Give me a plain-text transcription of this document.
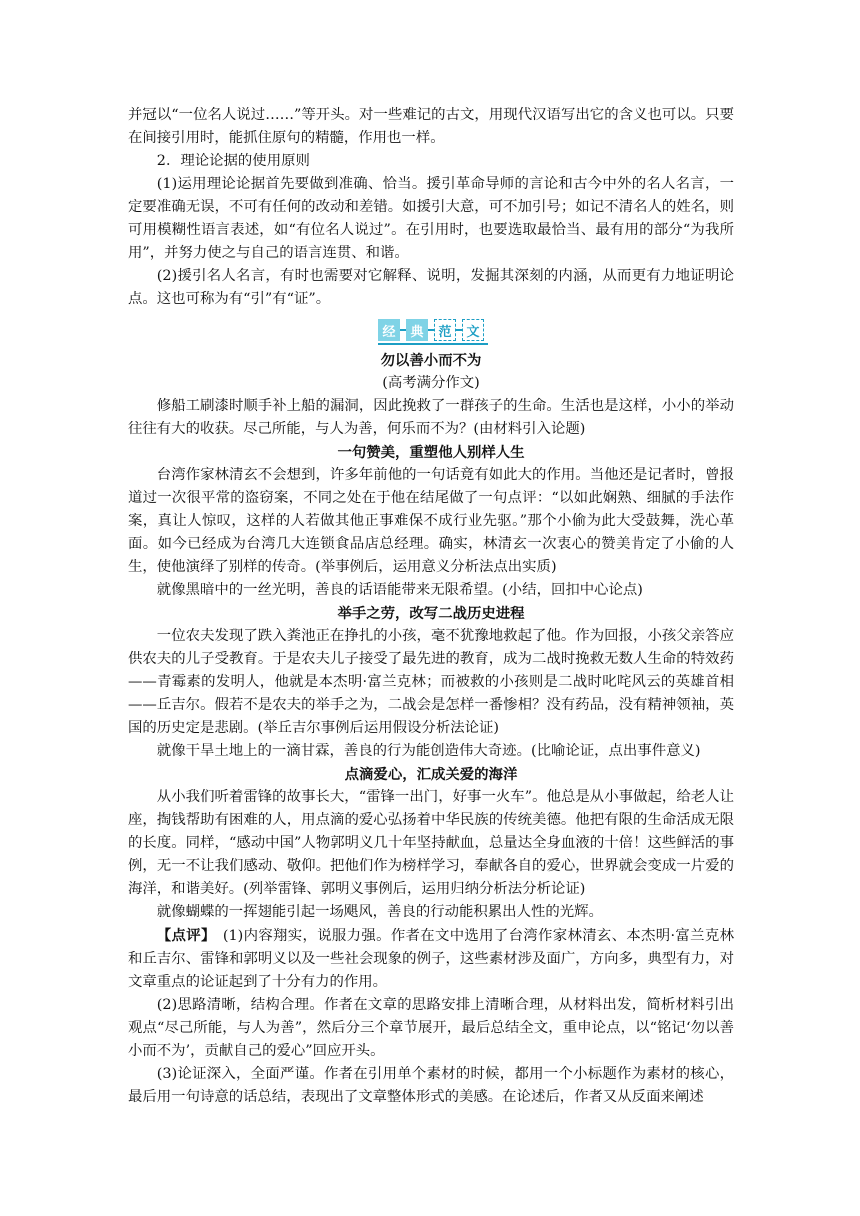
并冠以“一位名人说过……”等开头。对一些难记的古文，用现代汉语写出它的含义也可以。只要在间接引用时，能抓住原句的精髓，作用也一样。

2．理论论据的使用原则

(1)运用理论论据首先要做到准确、恰当。援引革命导师的言论和古今中外的名人名言，一定要准确无误，不可有任何的改动和差错。如援引大意，可不加引号；如记不清名人的姓名，则可用模糊性语言表述，如“有位名人说过”。在引用时，也要选取最恰当、最有用的部分“为我所用”，并努力使之与自己的语言连贯、和谐。

(2)援引名人名言，有时也需要对它解释、说明，发掘其深刻的内涵，从而更有力地证明论点。这也可称为有“引”有“证”。

经	典	范	文

勿以善小而不为

(高考满分作文)

修船工刷漆时顺手补上船的漏洞，因此挽救了一群孩子的生命。生活也是这样，小小的举动往往有大的收获。尽己所能，与人为善，何乐而不为？(由材料引入论题)

一句赞美，重塑他人别样人生

台湾作家林清玄不会想到，许多年前他的一句话竟有如此大的作用。当他还是记者时，曾报道过一次很平常的盗窃案，不同之处在于他在结尾做了一句点评：“以如此娴熟、细腻的手法作案，真让人惊叹，这样的人若做其他正事难保不成行业先驱。”那个小偷为此大受鼓舞，洗心革面。如今已经成为台湾几大连锁食品店总经理。确实，林清玄一次衷心的赞美肯定了小偷的人生，使他演绎了别样的传奇。(举事例后，运用意义分析法点出实质)

就像黑暗中的一丝光明，善良的话语能带来无限希望。(小结，回扣中心论点)

举手之劳，改写二战历史进程

一位农夫发现了跌入粪池正在挣扎的小孩，毫不犹豫地救起了他。作为回报，小孩父亲答应供农夫的儿子受教育。于是农夫儿子接受了最先进的教育，成为二战时挽救无数人生命的特效药——青霉素的发明人，他就是本杰明·富兰克林；而被救的小孩则是二战时叱咤风云的英雄首相——丘吉尔。假若不是农夫的举手之为，二战会是怎样一番惨相？没有药品，没有精神领袖，英国的历史定是悲剧。(举丘吉尔事例后运用假设分析法论证)

就像干旱土地上的一滴甘霖，善良的行为能创造伟大奇迹。(比喻论证，点出事件意义)

点滴爱心，汇成关爱的海洋

从小我们听着雷锋的故事长大，“雷锋一出门，好事一火车”。他总是从小事做起，给老人让座，掏钱帮助有困难的人，用点滴的爱心弘扬着中华民族的传统美德。他把有限的生命活成无限的长度。同样，“感动中国”人物郭明义几十年坚持献血，总量达全身血液的十倍！这些鲜活的事例，无一不让我们感动、敬仰。把他们作为榜样学习，奉献各自的爱心，世界就会变成一片爱的海洋，和谐美好。(列举雷锋、郭明义事例后，运用归纳分析法分析论证)

就像蝴蝶的一挥翅能引起一场飓风，善良的行动能积累出人性的光辉。

【点评】  (1)内容翔实，说服力强。作者在文中选用了台湾作家林清玄、本杰明·富兰克林和丘吉尔、雷锋和郭明义以及一些社会现象的例子，这些素材涉及面广，方向多，典型有力，对文章重点的论证起到了十分有力的作用。

(2)思路清晰，结构合理。作者在文章的思路安排上清晰合理，从材料出发，简析材料引出观点“尽己所能，与人为善”，然后分三个章节展开，最后总结全文，重申论点，以“铭记‘勿以善小而不为’，贡献自己的爱心”回应开头。

(3)论证深入，全面严谨。作者在引用单个素材的时候，都用一个小标题作为素材的核心，最后用一句诗意的话总结，表现出了文章整体形式的美感。在论述后，作者又从反面来阐述
